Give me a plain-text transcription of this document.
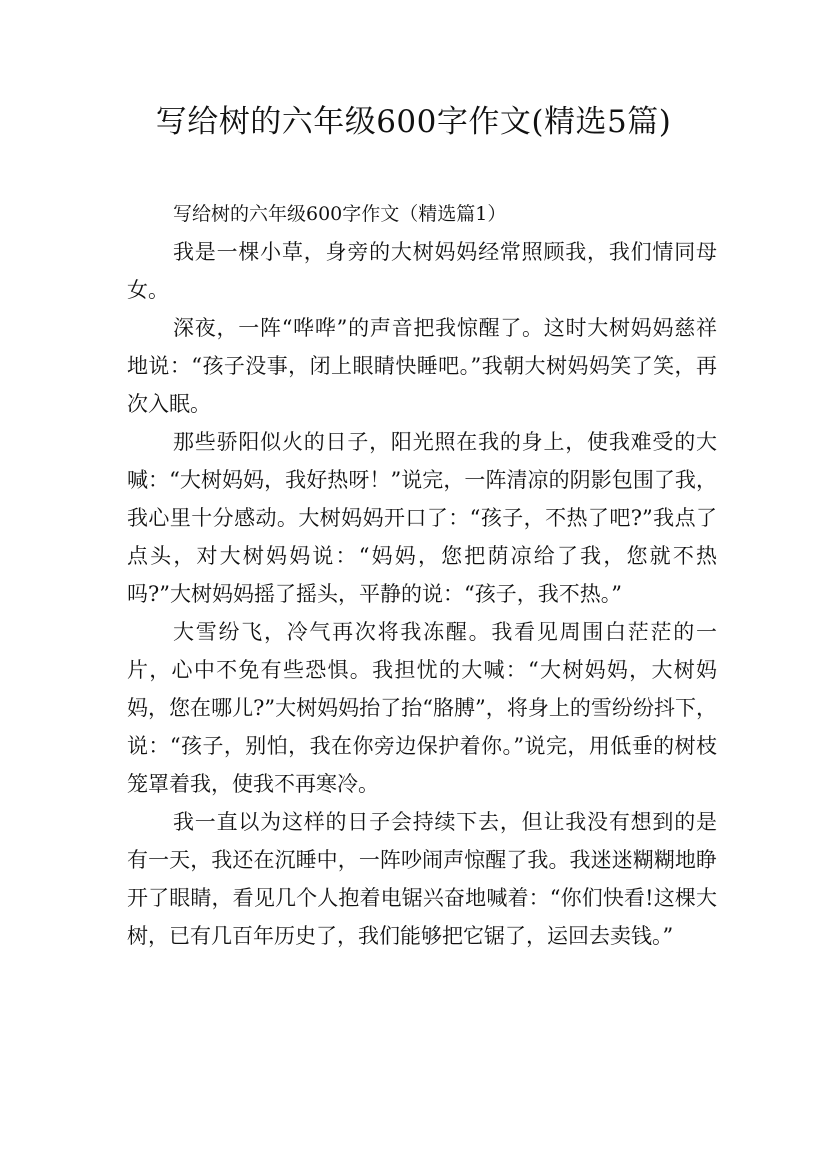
写给树的六年级600字作文(精选5篇)

写给树的六年级600字作文（精选篇1）

我是一棵小草，身旁的大树妈妈经常照顾我，我们情同母女。

深夜，一阵“哗哗”的声音把我惊醒了。这时大树妈妈慈祥地说：“孩子没事，闭上眼睛快睡吧。”我朝大树妈妈笑了笑，再次入眠。

那些骄阳似火的日子，阳光照在我的身上，使我难受的大喊：“大树妈妈，我好热呀！”说完，一阵清凉的阴影包围了我，我心里十分感动。大树妈妈开口了：“孩子，不热了吧?”我点了点头，对大树妈妈说：“妈妈，您把荫凉给了我，您就不热吗?”大树妈妈摇了摇头，平静的说：“孩子，我不热。”

大雪纷飞，冷气再次将我冻醒。我看见周围白茫茫的一片，心中不免有些恐惧。我担忧的大喊：“大树妈妈，大树妈妈，您在哪儿?”大树妈妈抬了抬“胳膊”，将身上的雪纷纷抖下，说：“孩子，别怕，我在你旁边保护着你。”说完，用低垂的树枝笼罩着我，使我不再寒冷。

我一直以为这样的日子会持续下去，但让我没有想到的是有一天，我还在沉睡中，一阵吵闹声惊醒了我。我迷迷糊糊地睁开了眼睛，看见几个人抱着电锯兴奋地喊着：“你们快看!这棵大树，已有几百年历史了，我们能够把它锯了，运回去卖钱。”
